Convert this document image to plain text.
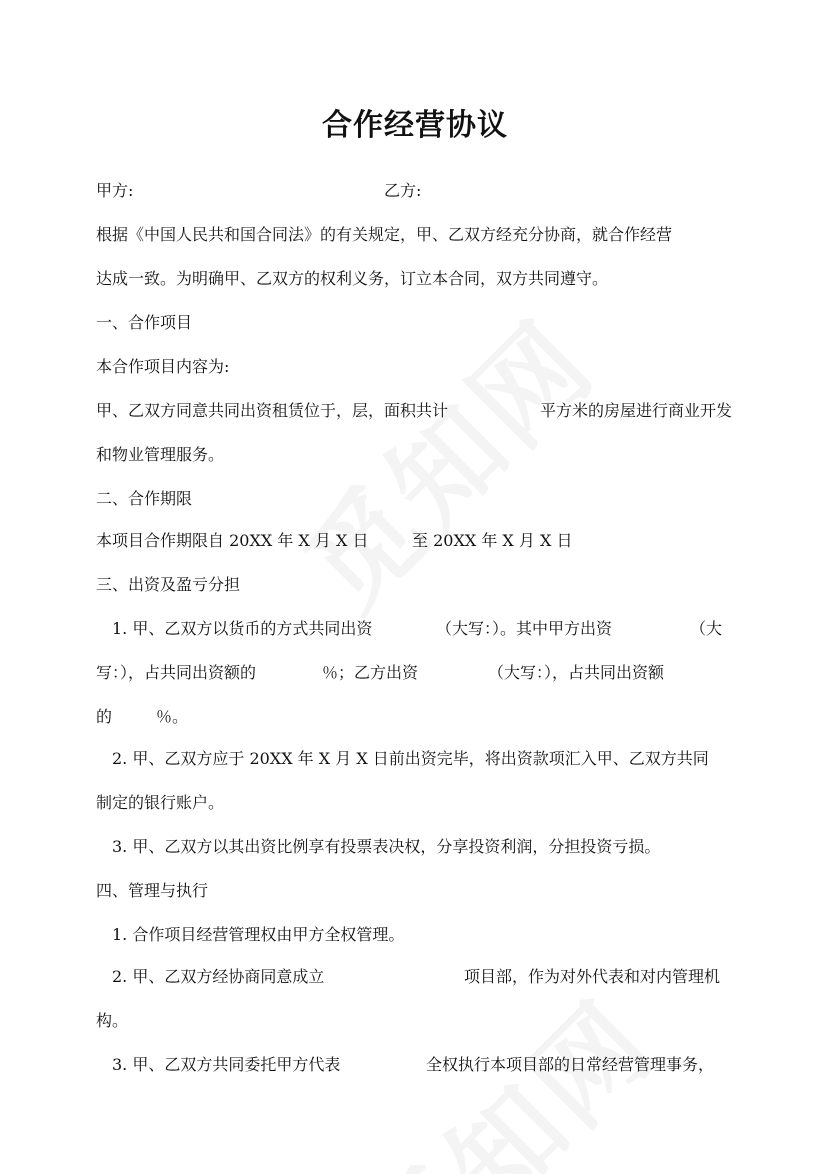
合作经营协议
甲方:	乙方:
根据《中国人民共和国合同法》的有关规定，甲、乙双方经充分协商，就合作经营
达成一致。为明确甲、乙双方的权利义务，订立本合同，双方共同遵守。
一、合作项目
本合作项目内容为:
甲、乙双方同意共同出资租赁位于，层，面积共计	平方米的房屋进行商业开发
和物业管理服务。
二、合作期限
本项目合作期限自 20XX 年 X 月 X 日	至 20XX 年 X 月 X 日
三、出资及盈亏分担
1. 甲、乙双方以货币的方式共同出资	（大写：）。其中甲方出资	（大
写：），占共同出资额的	％；乙方出资	（大写：），占共同出资额
的	％。
2. 甲、乙双方应于 20XX 年 X 月 X 日前出资完毕，将出资款项汇入甲、乙双方共同
制定的银行账户。
3. 甲、乙双方以其出资比例享有投票表决权，分享投资利润，分担投资亏损。
四、管理与执行
1. 合作项目经营管理权由甲方全权管理。
2. 甲、乙双方经协商同意成立	项目部，作为对外代表和对内管理机
构。
3. 甲、乙双方共同委托甲方代表	全权执行本项目部的日常经营管理事务，
